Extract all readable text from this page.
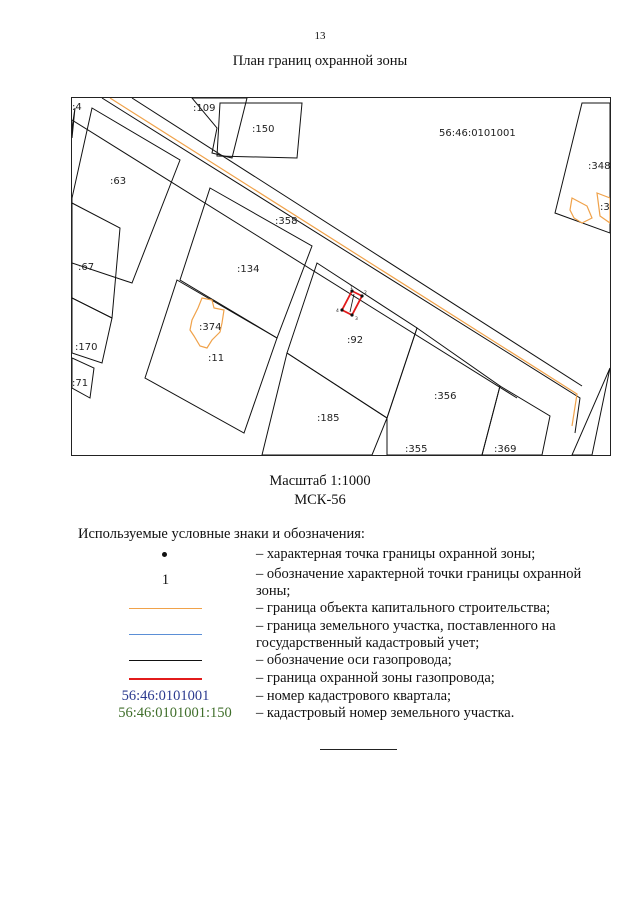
13
План границ охранной зоны
:109
:150
:63
:358
:134
:67
:374
:11
:92
:170
:71
:185
:356
:355	:369
:348
:3
:4
56:46:0101001
4
1
2
3
Масштаб 1:1000
МСК-56
Используемые условные знаки и обозначения:
– характерная точка границы охранной зоны;
1	– обозначение характерной точки границы охранной зоны;
– граница объекта капитального строительства;
– граница земельного участка, поставленного на государственный кадастровый учет;
– обозначение оси газопровода;
– граница охранной зоны газопровода;
56:46:0101001	– номер кадастрового квартала;
56:46:0101001:150	– кадастровый номер земельного участка.
